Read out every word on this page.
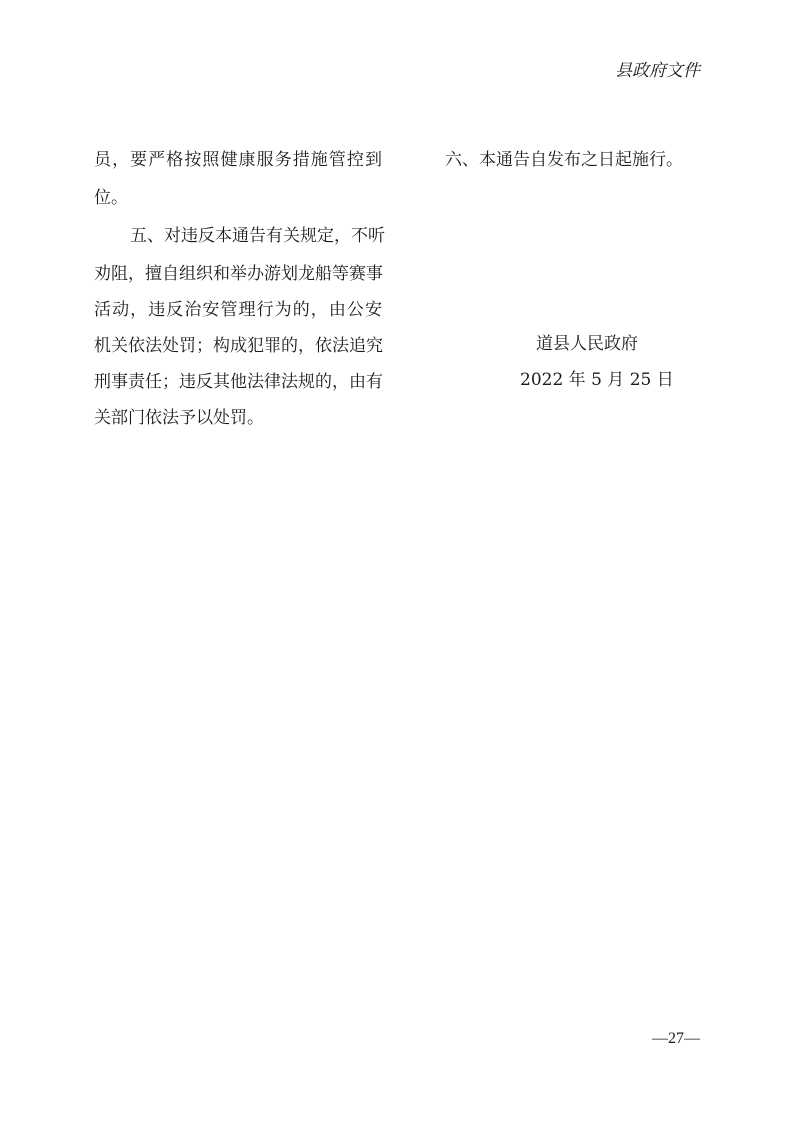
县政府文件
员，要严格按照健康服务措施管控到
位。
五、对违反本通告有关规定，不听
劝阻，擅自组织和举办游划龙船等赛事
活动，违反治安管理行为的，由公安
机关依法处罚；构成犯罪的，依法追究
刑事责任；违反其他法律法规的，由有
关部门依法予以处罚。
六、本通告自发布之日起施行。
道县人民政府
2022 年 5 月 25 日
—27—
